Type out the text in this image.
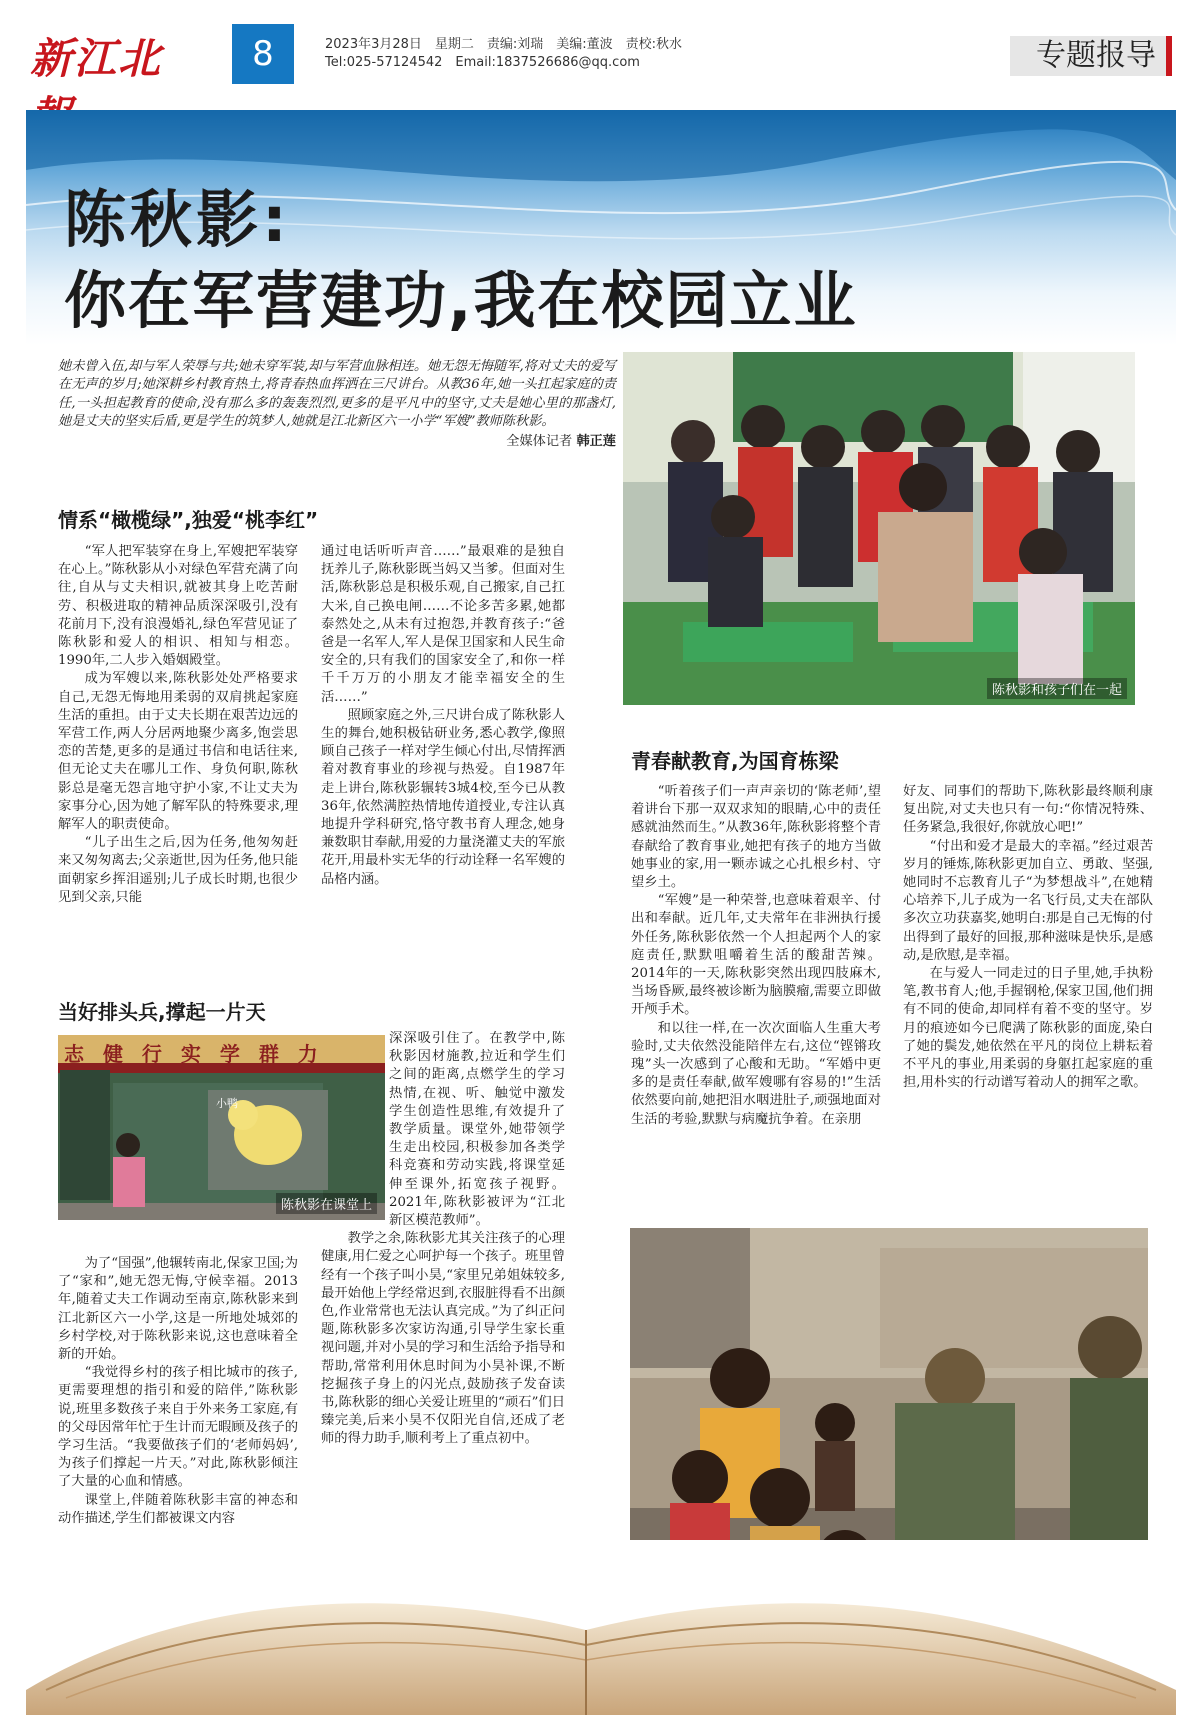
新江北	8	2023年3月28日　星期二　责编:刘瑞　美编:董波　责校:秋水
Tel:025-57124542　Email:1837526686@qq.com	专题报导
陈秋影:
你在军营建功,我在校园立业
她未曾入伍,却与军人荣辱与共;她未穿军装,却与军营血脉相连。她无怨无悔随军,将对丈夫的爱写在无声的岁月;她深耕乡村教育热土,将青春热血挥洒在三尺讲台。从教36年,她一头扛起家庭的责任,一头担起教育的使命,没有那么多的轰轰烈烈,更多的是平凡中的坚守,丈夫是她心里的那盏灯,她是丈夫的坚实后盾,更是学生的筑梦人,她就是江北新区六一小学“军嫂”教师陈秋影。
全媒体记者 韩正莲
陈秋影和孩子们在一起
情系“橄榄绿”,独爱“桃李红”

“军人把军装穿在身上,军嫂把军装穿在心上。”陈秋影从小对绿色军营充满了向往,自从与丈夫相识,就被其身上吃苦耐劳、积极进取的精神品质深深吸引,没有花前月下,没有浪漫婚礼,绿色军营见证了陈秋影和爱人的相识、相知与相恋。1990年,二人步入婚姻殿堂。

成为军嫂以来,陈秋影处处严格要求自己,无怨无悔地用柔弱的双肩挑起家庭生活的重担。由于丈夫长期在艰苦边远的军营工作,两人分居两地聚少离多,饱尝思恋的苦楚,更多的是通过书信和电话往来,但无论丈夫在哪儿工作、身负何职,陈秋影总是毫无怨言地守护小家,不让丈夫为家事分心,因为她了解军队的特殊要求,理解军人的职责使命。

“儿子出生之后,因为任务,他匆匆赶来又匆匆离去;父亲逝世,因为任务,他只能面朝家乡挥泪遥别;儿子成长时期,也很少见到父亲,只能

通过电话听听声音……”最艰难的是独自抚养儿子,陈秋影既当妈又当爹。但面对生活,陈秋影总是积极乐观,自己搬家,自己扛大米,自己换电闸……不论多苦多累,她都泰然处之,从未有过抱怨,并教育孩子:“爸爸是一名军人,军人是保卫国家和人民生命安全的,只有我们的国家安全了,和你一样千千万万的小朋友才能幸福安全的生活……”

照顾家庭之外,三尺讲台成了陈秋影人生的舞台,她积极钻研业务,悉心教学,像照顾自己孩子一样对学生倾心付出,尽情挥洒着对教育事业的珍视与热爱。自1987年走上讲台,陈秋影辗转3城4校,至今已从教36年,依然满腔热情地传道授业,专注认真地提升学科研究,恪守教书育人理念,她身兼数职甘奉献,用爱的力量浇灌丈夫的军旅花开,用最朴实无华的行动诠释一名军嫂的品格内涵。

青春献教育,为国育栋梁

“听着孩子们一声声亲切的‘陈老师’,望着讲台下那一双双求知的眼睛,心中的责任感就油然而生。”从教36年,陈秋影将整个青春献给了教育事业,她把有孩子的地方当做她事业的家,用一颗赤诚之心扎根乡村、守望乡土。

“军嫂”是一种荣誉,也意味着艰辛、付出和奉献。近几年,丈夫常年在非洲执行援外任务,陈秋影依然一个人担起两个人的家庭责任,默默咀嚼着生活的酸甜苦辣。2014年的一天,陈秋影突然出现四肢麻木,当场昏厥,最终被诊断为脑膜瘤,需要立即做开颅手术。

和以往一样,在一次次面临人生重大考验时,丈夫依然没能陪伴左右,这位“铿锵玫瑰”头一次感到了心酸和无助。“军婚中更多的是责任奉献,做军嫂哪有容易的!”生活依然要向前,她把泪水咽进肚子,顽强地面对生活的考验,默默与病魔抗争着。在亲朋

好友、同事们的帮助下,陈秋影最终顺利康复出院,对丈夫也只有一句:“你情况特殊、任务紧急,我很好,你就放心吧!”

“付出和爱才是最大的幸福。”经过艰苦岁月的锤炼,陈秋影更加自立、勇敢、坚强,她同时不忘教育儿子“为梦想战斗”,在她精心培养下,儿子成为一名飞行员,丈夫在部队多次立功获嘉奖,她明白:那是自己无悔的付出得到了最好的回报,那种滋味是快乐,是感动,是欣慰,是幸福。

在与爱人一同走过的日子里,她,手执粉笔,教书育人;他,手握钢枪,保家卫国,他们拥有不同的使命,却同样有着不变的坚守。岁月的痕迹如今已爬满了陈秋影的面庞,染白了她的鬓发,她依然在平凡的岗位上耕耘着不平凡的事业,用柔弱的身躯扛起家庭的重担,用朴实的行动谱写着动人的拥军之歌。

当好排头兵,撑起一片天
志 健 行 实 学 群 力
小鸭
陈秋影在课堂上

为了“国强”,他辗转南北,保家卫国;为了“家和”,她无怨无悔,守候幸福。2013年,随着丈夫工作调动至南京,陈秋影来到江北新区六一小学,这是一所地处城郊的乡村学校,对于陈秋影来说,这也意味着全新的开始。

“我觉得乡村的孩子相比城市的孩子,更需要理想的指引和爱的陪伴,”陈秋影说,班里多数孩子来自于外来务工家庭,有的父母因常年忙于生计而无暇顾及孩子的学习生活。“我要做孩子们的‘老师妈妈’,为孩子们撑起一片天。”对此,陈秋影倾注了大量的心血和情感。

课堂上,伴随着陈秋影丰富的神态和动作描述,学生们都被课文内容

深深吸引住了。在教学中,陈秋影因材施教,拉近和学生们之间的距离,点燃学生的学习热情,在视、听、触觉中激发学生创造性思维,有效提升了教学质量。课堂外,她带领学生走出校园,积极参加各类学科竞赛和劳动实践,将课堂延伸至课外,拓宽孩子视野。2021年,陈秋影被评为“江北新区模范教师”。

教学之余,陈秋影尤其关注孩子的心理健康,用仁爱之心呵护每一个孩子。班里曾经有一个孩子叫小昊,“家里兄弟姐妹较多,最开始他上学经常迟到,衣服脏得看不出颜色,作业常常也无法认真完成。”为了纠正问题,陈秋影多次家访沟通,引导学生家长重视问题,并对小昊的学习和生活给予指导和帮助,常常利用休息时间为小昊补课,不断挖掘孩子身上的闪光点,鼓励孩子发奋读书,陈秋影的细心关爱让班里的“顽石”们日臻完美,后来小昊不仅阳光自信,还成了老师的得力助手,顺利考上了重点初中。
